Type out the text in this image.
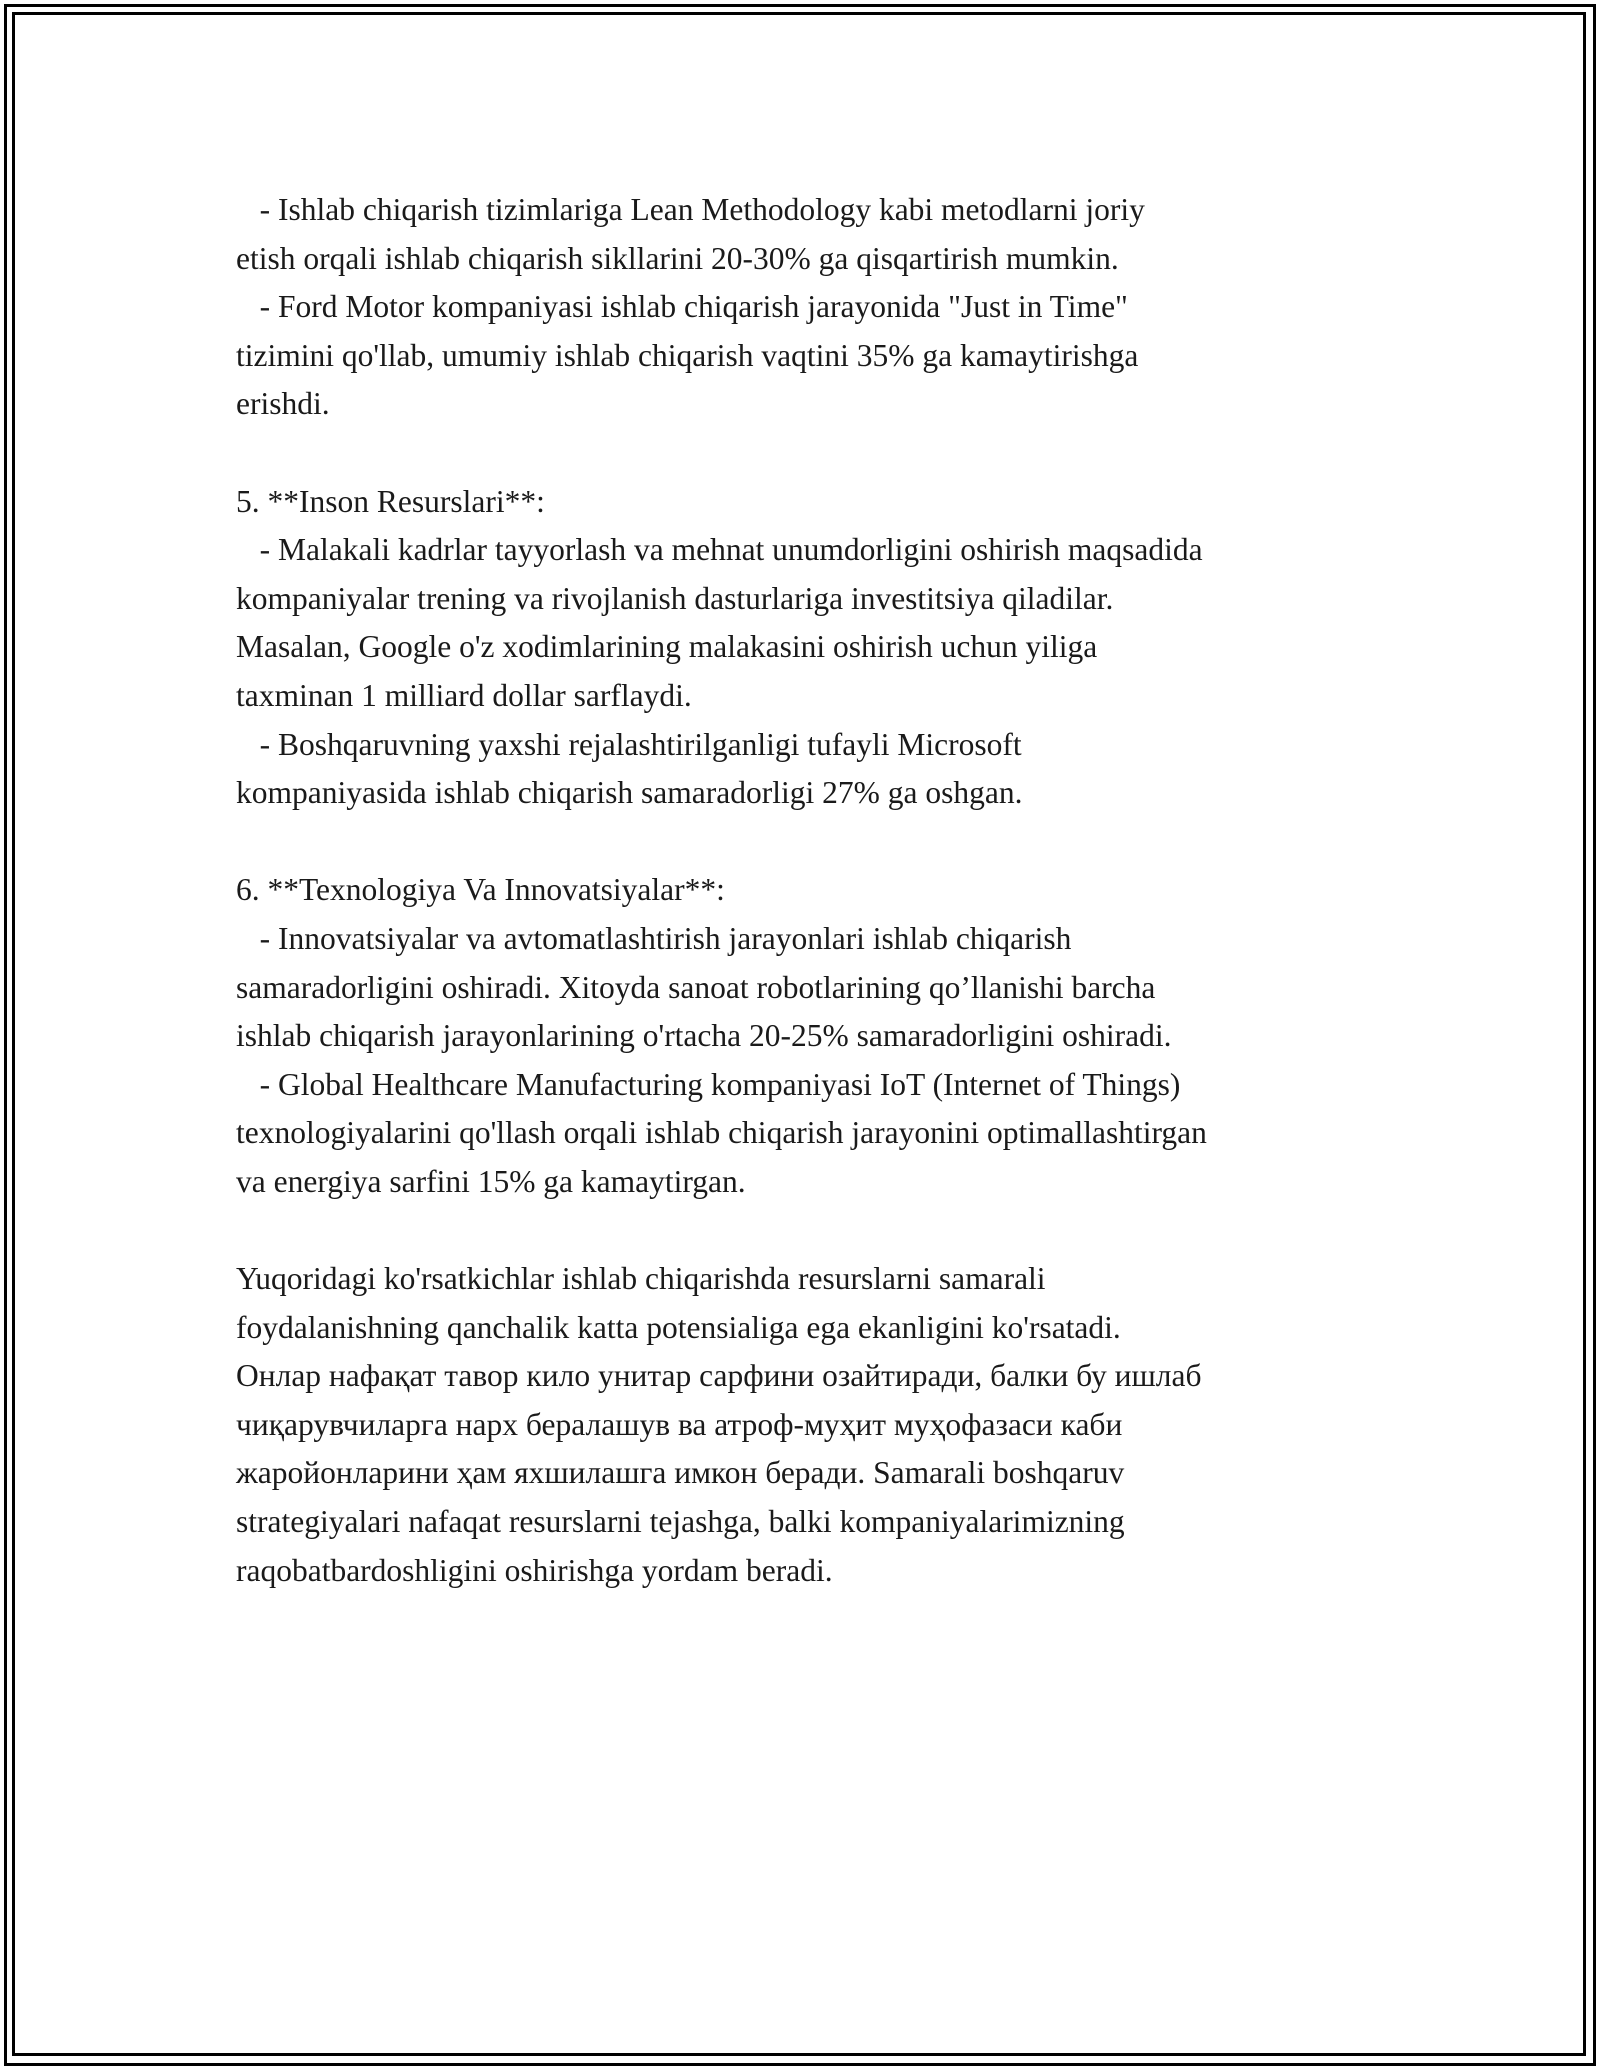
- Ishlab chiqarish tizimlariga Lean Methodology kabi metodlarni joriy
etish orqali ishlab chiqarish sikllarini 20-30% ga qisqartirish mumkin.
- Ford Motor kompaniyasi ishlab chiqarish jarayonida "Just in Time"
tizimini qo'llab, umumiy ishlab chiqarish vaqtini 35% ga kamaytirishga
erishdi.
5. **Inson Resurslari**:
- Malakali kadrlar tayyorlash va mehnat unumdorligini oshirish maqsadida
kompaniyalar trening va rivojlanish dasturlariga investitsiya qiladilar.
Masalan, Google o'z xodimlarining malakasini oshirish uchun yiliga
taxminan 1 milliard dollar sarflaydi.
- Boshqaruvning yaxshi rejalashtirilganligi tufayli Microsoft
kompaniyasida ishlab chiqarish samaradorligi 27% ga oshgan.
6. **Texnologiya Va Innovatsiyalar**:
- Innovatsiyalar va avtomatlashtirish jarayonlari ishlab chiqarish
samaradorligini oshiradi. Xitoyda sanoat robotlarining qo’llanishi barcha
ishlab chiqarish jarayonlarining o'rtacha 20-25% samaradorligini oshiradi.
- Global Healthcare Manufacturing kompaniyasi IoT (Internet of Things)
texnologiyalarini qo'llash orqali ishlab chiqarish jarayonini optimallashtirgan
va energiya sarfini 15% ga kamaytirgan.
Yuqoridagi ko'rsatkichlar ishlab chiqarishda resurslarni samarali
foydalanishning qanchalik katta potensialiga ega ekanligini ko'rsatadi.
Онлар нафақат тавор кило унитар сарфини озайтиради, балки бу ишлаб
чиқарувчиларга нарх бералашув ва атроф-муҳит муҳофазаси каби
жаройонларини ҳам яхшилашга имкон беради. Samarali boshqaruv
strategiyalari nafaqat resurslarni tejashga, balki kompaniyalarimizning
raqobatbardoshligini oshirishga yordam beradi.
